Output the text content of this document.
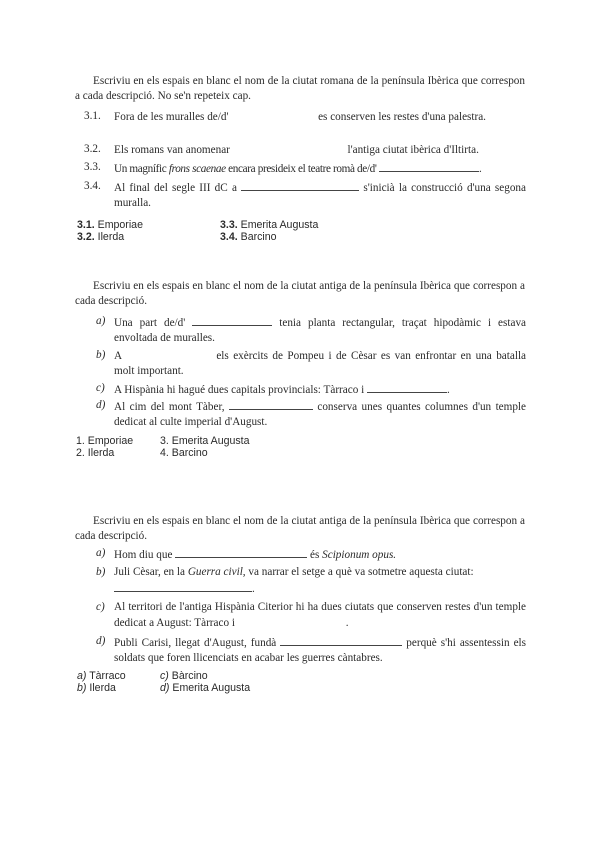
Escriviu en els espais en blanc el nom de la ciutat romana de la península Ibèrica que correspon a cada descripció. No se'n repeteix cap.
3.1.	Fora de les muralles de/d'	es conserven les restes d'una palestra.
3.2.	Els romans van anomenar	l'antiga ciutat ibèrica d'Iltirta.
3.3.	Un magnífic frons scaenae encara presideix el teatre romà de/d'	.
3.4.	Al final del segle III dC a	s'inicià la construcció d'una segona muralla.
3.1. Emporiae
3.2. Ilerda
3.3. Emerita Augusta
3.4. Barcino
Escriviu en els espais en blanc el nom de la ciutat antiga de la península Ibèrica que correspon a cada descripció.
a) Una part de/d'	tenia planta rectangular, traçat hipodàmic i estava envoltada de muralles.
b) A	els exèrcits de Pompeu i de Cèsar es van enfrontar en una batalla molt important.
c) A Hispània hi hagué dues capitals provincials: Tàrraco i	.
d) Al cim del mont Tàber,	conserva unes quantes columnes d'un temple dedicat al culte imperial d'August.
1. Emporiae
2. Ilerda
3. Emerita Augusta
4. Barcino
Escriviu en els espais en blanc el nom de la ciutat antiga de la península Ibèrica que correspon a cada descripció.
a) Hom diu que	és Scipionum opus.
b) Juli Cèsar, en la Guerra civil, va narrar el setge a què va sotmetre aquesta ciutat:
.
c) Al territori de l'antiga Hispània Citerior hi ha dues ciutats que conserven restes d'un temple dedicat a August: Tàrraco i	.
d) Publi Carisi, llegat d'August, fundà	perquè s'hi assentessin els soldats que foren llicenciats en acabar les guerres càntabres.
a) Tàrraco
b) Ilerda
c) Bàrcino
d) Emerita Augusta
